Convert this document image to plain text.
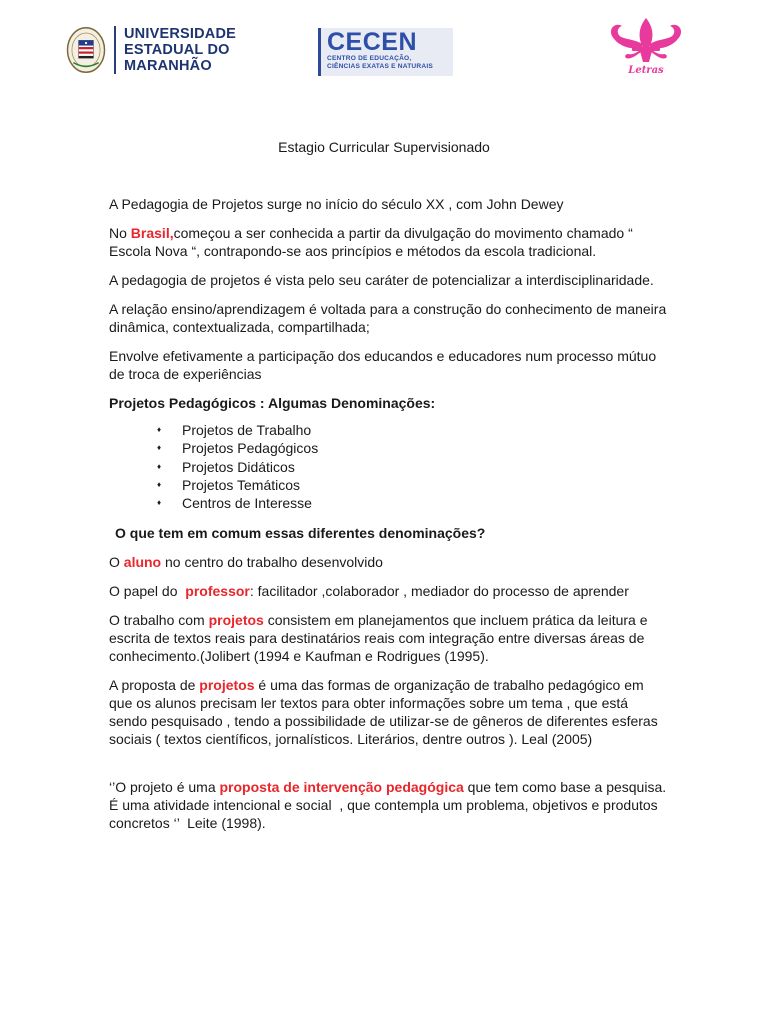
UNIVERSIDADE
ESTADUAL DO
MARANHÃO
CECEN
CENTRO DE EDUCAÇÃO,
CIÊNCIAS EXATAS E NATURAIS	Letras
Estagio Curricular Supervisionado

A Pedagogia de Projetos surge no início do século XX , com John Dewey

No Brasil,começou a ser conhecida a partir da divulgação do movimento chamado “ Escola Nova “, contrapondo-se aos princípios e métodos da escola tradicional.

A pedagogia de projetos é vista pelo seu caráter de potencializar a interdisciplinaridade.

A relação ensino/aprendizagem é voltada para a construção do conhecimento de maneira dinâmica, contextualizada, compartilhada;

Envolve efetivamente a participação dos educandos e educadores num processo mútuo de troca de experiências

Projetos Pedagógicos : Algumas Denominações:

♦ Projetos de Trabalho
♦ Projetos Pedagógicos
♦ Projetos Didáticos
♦ Projetos Temáticos
♦ Centros de Interesse

O que tem em comum essas diferentes denominações?

O aluno no centro do trabalho desenvolvido

O papel do  professor: facilitador ,colaborador , mediador do processo de aprender

O trabalho com projetos consistem em planejamentos que incluem prática da leitura e escrita de textos reais para destinatários reais com integração entre diversas áreas de conhecimento.(Jolibert (1994 e Kaufman e Rodrigues (1995).

A proposta de projetos é uma das formas de organização de trabalho pedagógico em que os alunos precisam ler textos para obter informações sobre um tema , que está sendo pesquisado , tendo a possibilidade de utilizar-se de gêneros de diferentes esferas sociais ( textos científicos, jornalísticos. Literários, dentre outros ). Leal (2005)

‘’O projeto é uma proposta de intervenção pedagógica que tem como base a pesquisa. É uma atividade intencional e social  , que contempla um problema, objetivos e produtos  concretos ‘’  Leite (1998).
